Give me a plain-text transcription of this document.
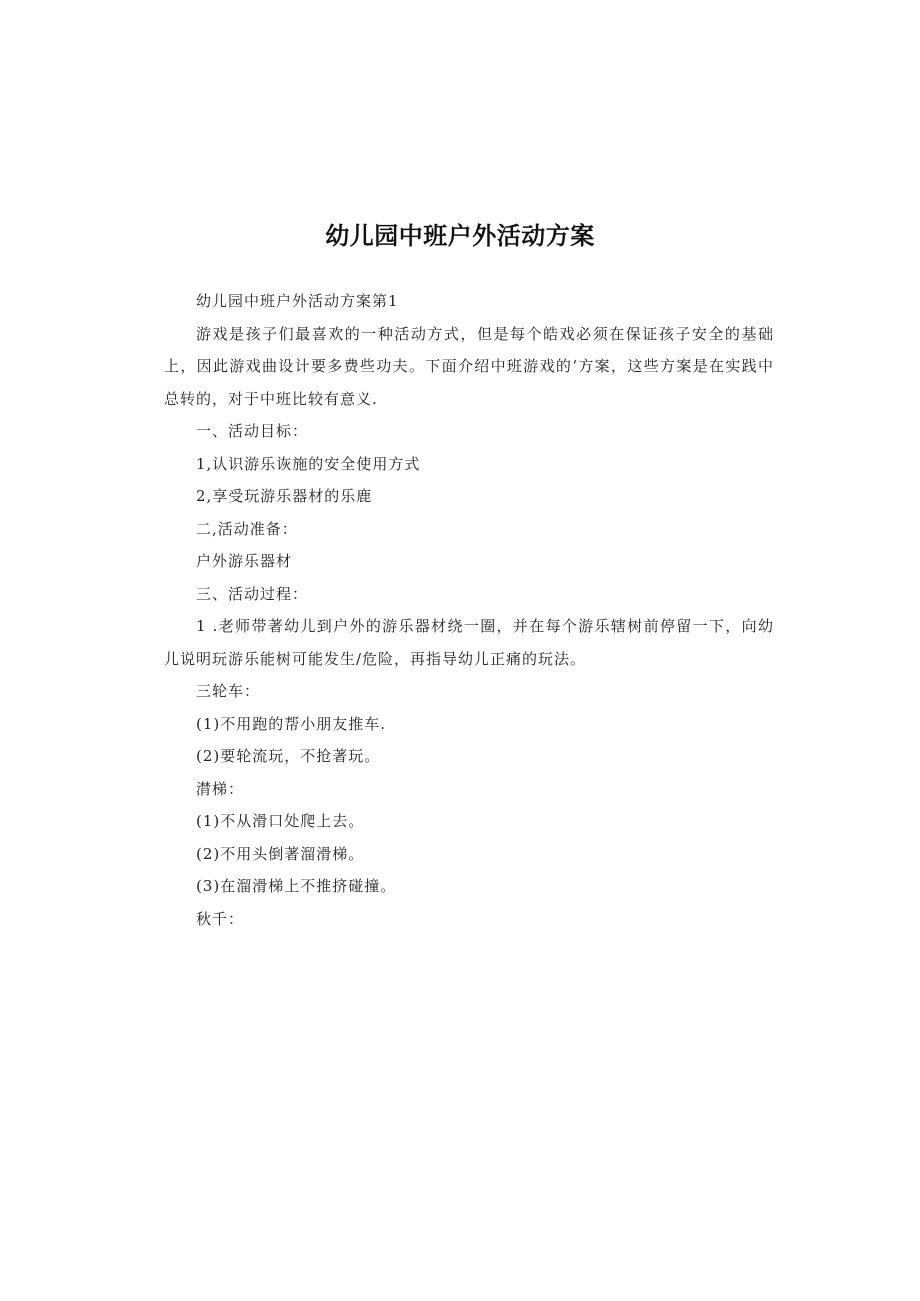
幼儿园中班户外活动方案

幼儿园中班户外活动方案第1

游戏是孩子们最喜欢的一种活动方式，但是每个皓戏必须在保证孩子安全的基础上，因此游戏曲设计要多费些功夫。下面介绍中班游戏的‘方案，这些方案是在实践中总转的，对于中班比较有意义.

一、活动目标：

1,认识游乐诙施的安全使用方式

2,享受玩游乐器材的乐鹿

二,活动准备：

户外游乐器材

三、活动过程：

1 .老师带著幼儿到户外的游乐器材绕一圈，并在每个游乐辖树前停留一下，向幼儿说明玩游乐能树可能发生/危险，再指导幼儿正痛的玩法。

三轮车：

(1)不用跑的帮小朋友推车.

(2)要轮流玩，不抢著玩。

潸梯：

(1)不从滑口处爬上去。

(2)不用头倒著溜滑梯。

(3)在溜滑梯上不推挤碰撞。

秋千：
